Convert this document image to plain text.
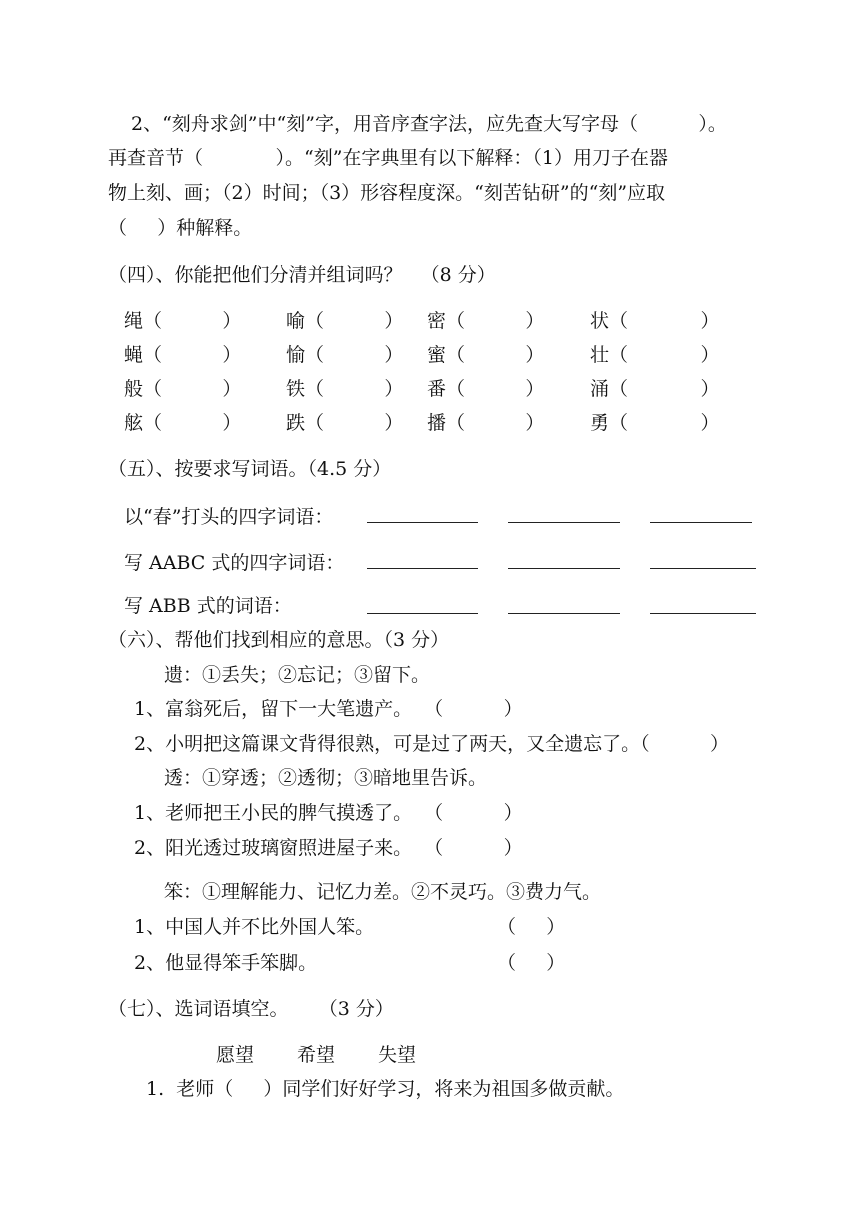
2、“刻舟求剑”中“刻”字，用音序查字法，应先查大写字母（          ）。
再查音节（            ）。“刻”在字典里有以下解释：（1）用刀子在器
物上刻、画；（2）时间；（3）形容程度深。“刻苦钻研”的“刻”应取
（     ）种解释。
（四）、你能把他们分清并组词吗？   （8 分）
绳（          ） 喻（          ） 密（          ） 状（            ）
蝇（          ） 愉（          ） 蜜（          ） 壮（            ）
般（          ） 铁（          ） 番（          ） 涌（            ）
舷（          ） 跌（          ） 播（          ） 勇（            ）
（五）、按要求写词语。（4.5 分）
以“春”打头的四字词语：
写 AABC 式的四字词语：
写 ABB 式的词语：
（六）、帮他们找到相应的意思。（3 分）
遗：①丢失；②忘记；③留下。
1、富翁死后，留下一大笔遗产。  （          ）
2、小明把这篇课文背得很熟，可是过了两天，又全遗忘了。（          ）
透：①穿透；②透彻；③暗地里告诉。
1、老师把王小民的脾气摸透了。  （          ）
2、阳光透过玻璃窗照进屋子来。  （          ）
笨：①理解能力、记忆力差。②不灵巧。③费力气。
1、中国人并不比外国人笨。	（     ）
2、他显得笨手笨脚。	（     ）
（七）、选词语填空。     （3 分）
愿望 希望 失望
1.  老师（     ）同学们好好学习，将来为祖国多做贡献。
